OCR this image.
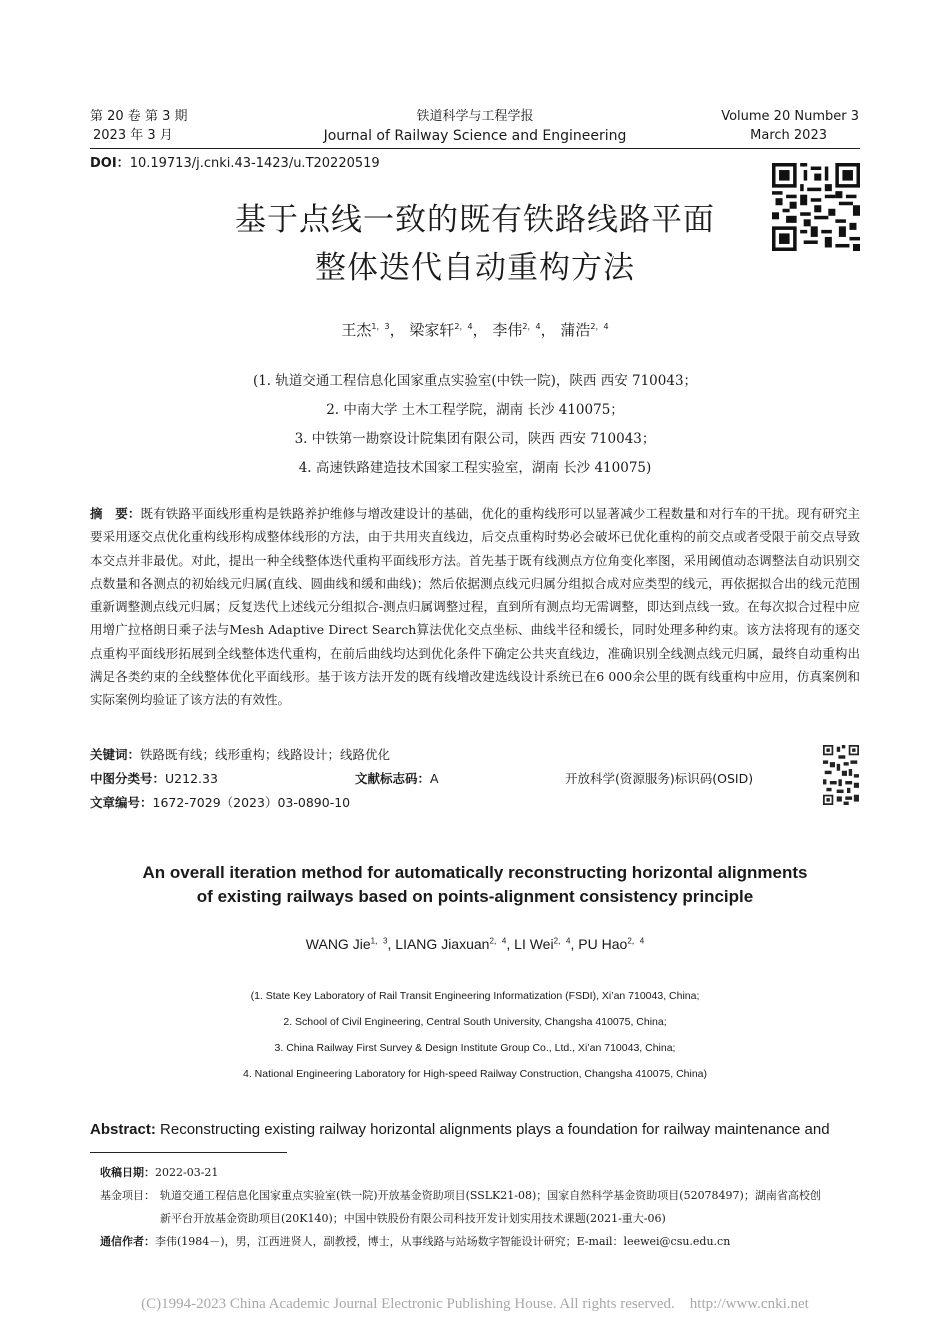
第 20 卷 第 3 期
2023 年 3 月
铁道科学与工程学报
Journal of Railway Science and Engineering
Volume 20 Number 3
March 2023
DOI：10.19713/j.cnki.43-1423/u.T20220519
基于点线一致的既有铁路线路平面
整体迭代自动重构方法
王杰$^{1,3}$， 梁家轩$^{2,4}$， 李伟$^{2,4}$， 蒲浩$^{2,4}$
(1. 轨道交通工程信息化国家重点实验室(中铁一院)，陕西 西安 710043；
2. 中南大学 土木工程学院，湖南 长沙 410075；
3. 中铁第一勘察设计院集团有限公司，陕西 西安 710043；
4. 高速铁路建造技术国家工程实验室，湖南 长沙 410075)
摘　要：既有铁路平面线形重构是铁路养护维修与增改建设计的基础，优化的重构线形可以显著减少工程数量和对行车的干扰。现有研究主要采用逐交点优化重构线形构成整体线形的方法，由于共用夹直线边，后交点重构时势必会破坏已优化重构的前交点或者受限于前交点导致本交点并非最优。对此，提出一种全线整体迭代重构平面线形方法。首先基于既有线测点方位角变化率图，采用阈值动态调整法自动识别交点数量和各测点的初始线元归属(直线、圆曲线和缓和曲线)；然后依据测点线元归属分组拟合成对应类型的线元，再依据拟合出的线元范围重新调整测点线元归属；反复迭代上述线元分组拟合-测点归属调整过程，直到所有测点均无需调整，即达到点线一致。在每次拟合过程中应用增广拉格朗日乘子法与Mesh Adaptive Direct Search算法优化交点坐标、曲线半径和缓长，同时处理多种约束。该方法将现有的逐交点重构平面线形拓展到全线整体迭代重构，在前后曲线均达到优化条件下确定公共夹直线边，准确识别全线测点线元归属，最终自动重构出满足各类约束的全线整体优化平面线形。基于该方法开发的既有线增改建选线设计系统已在6 000余公里的既有线重构中应用，仿真案例和实际案例均验证了该方法的有效性。
关键词：铁路既有线；线形重构；线路设计；线路优化
中图分类号：U212.33	文献标志码：A	开放科学(资源服务)标识码(OSID)
文章编号：1672-7029（2023）03-0890-10
An overall iteration method for automatically reconstructing horizontal alignments
of existing railways based on points-alignment consistency principle
WANG Jie$^{1,3}$, LIANG Jiaxuan$^{2,4}$, LI Wei$^{2,4}$, PU Hao$^{2,4}$
(1. State Key Laboratory of Rail Transit Engineering Informatization (FSDI), Xi’an 710043, China;
2. School of Civil Engineering, Central South University, Changsha 410075, China;
3. China Railway First Survey & Design Institute Group Co., Ltd., Xi’an 710043, China;
4. National Engineering Laboratory for High-speed Railway Construction, Changsha 410075, China)
Abstract: Reconstructing existing railway horizontal alignments plays a foundation for railway maintenance and
收稿日期：2022-03-21
基金项目： 轨道交通工程信息化国家重点实验室(铁一院)开放基金资助项目(SSLK21-08)；国家自然科学基金资助项目(52078497)；湖南省高校创
新平台开放基金资助项目(20K140)；中国中铁股份有限公司科技开发计划实用技术课题(2021-重大-06)
通信作者：李伟(1984－)，男，江西进贤人，副教授，博士，从事线路与站场数字智能设计研究；E-mail：leewei@csu.edu.cn
(C)1994-2023 China Academic Journal Electronic Publishing House. All rights reserved.    http://www.cnki.net
